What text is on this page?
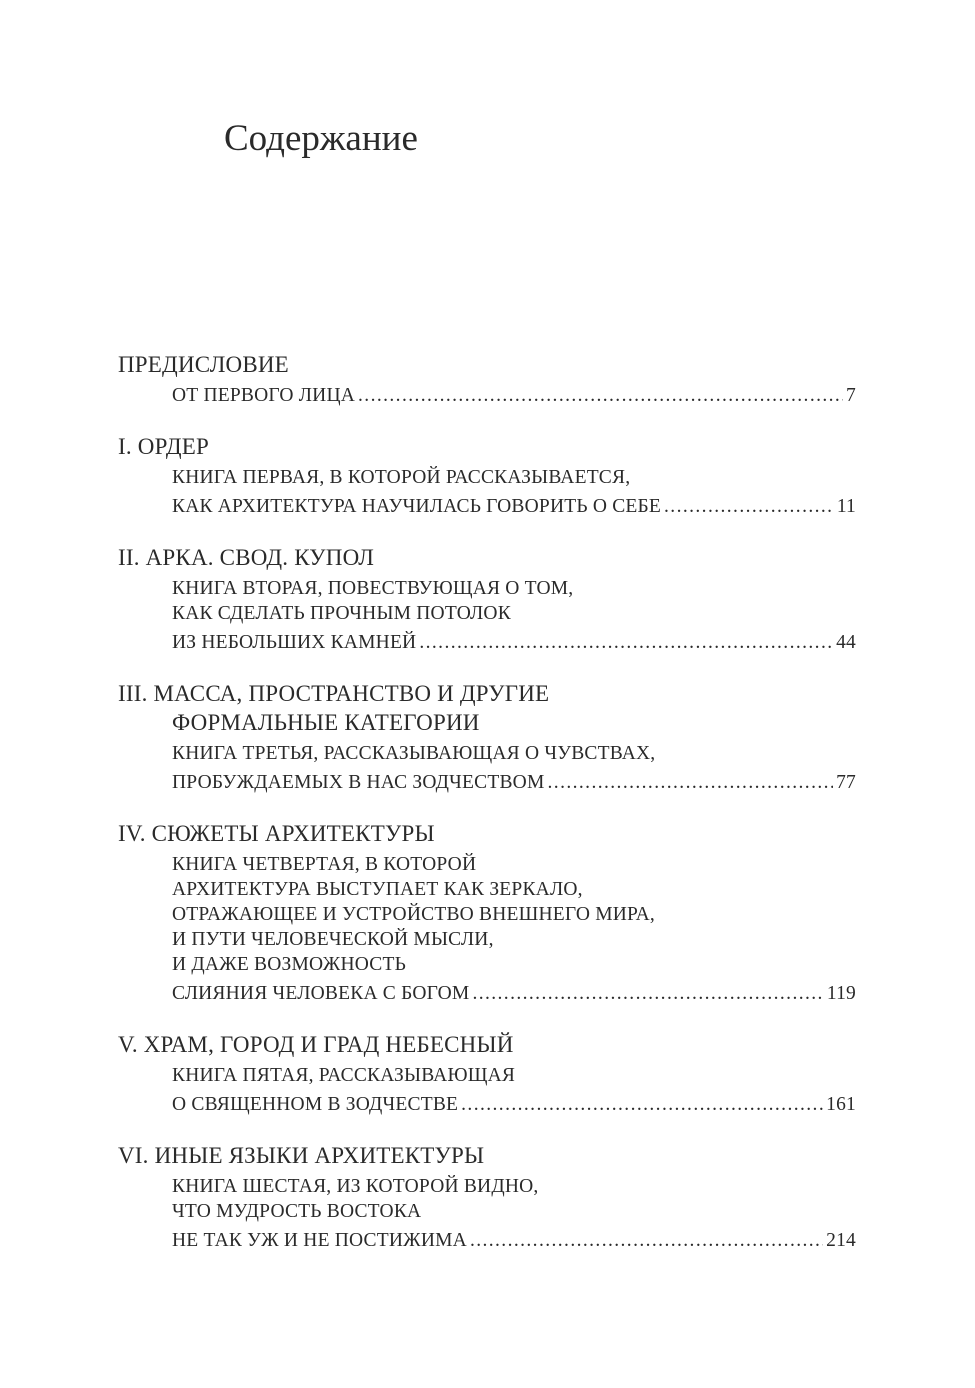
Содержание
ПРЕДИСЛОВИЕ
ОТ ПЕРВОГО ЛИЦА .....	7
I. ОРДЕР
КНИГА ПЕРВАЯ, В КОТОРОЙ РАССКАЗЫВАЕТСЯ,
КАК АРХИТЕКТУРА НАУЧИЛАСЬ ГОВОРИТЬ О СЕБЕ .....	11
II. АРКА. СВОД. КУПОЛ
КНИГА ВТОРАЯ, ПОВЕСТВУЮЩАЯ О ТОМ,
КАК СДЕЛАТЬ ПРОЧНЫМ ПОТОЛОК
ИЗ НЕБОЛЬШИХ КАМНЕЙ .....	44
III. МАССА, ПРОСТРАНСТВО И ДРУГИЕ
ФОРМАЛЬНЫЕ КАТЕГОРИИ
КНИГА ТРЕТЬЯ, РАССКАЗЫВАЮЩАЯ О ЧУВСТВАХ,
ПРОБУЖДАЕМЫХ В НАС ЗОДЧЕСТВОМ .....	77
IV. СЮЖЕТЫ АРХИТЕКТУРЫ
КНИГА ЧЕТВЕРТАЯ, В КОТОРОЙ
АРХИТЕКТУРА ВЫСТУПАЕТ КАК ЗЕРКАЛО,
ОТРАЖАЮЩЕЕ И УСТРОЙСТВО ВНЕШНЕГО МИРА,
И ПУТИ ЧЕЛОВЕЧЕСКОЙ МЫСЛИ,
И ДАЖЕ ВОЗМОЖНОСТЬ
СЛИЯНИЯ ЧЕЛОВЕКА С БОГОМ .....	119
V. ХРАМ, ГОРОД И ГРАД НЕБЕСНЫЙ
КНИГА ПЯТАЯ, РАССКАЗЫВАЮЩАЯ
О СВЯЩЕННОМ В ЗОДЧЕСТВЕ .....	161
VI. ИНЫЕ ЯЗЫКИ АРХИТЕКТУРЫ
КНИГА ШЕСТАЯ, ИЗ КОТОРОЙ ВИДНО,
ЧТО МУДРОСТЬ ВОСТОКА
НЕ ТАК УЖ И НЕ ПОСТИЖИМА .....	214
